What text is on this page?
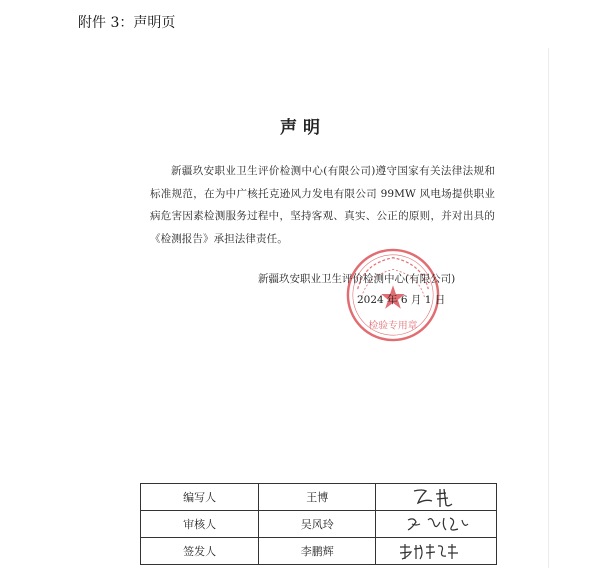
附件 3：声明页
声 明

新疆玖安职业卫生评价检测中心(有限公司)遵守国家有关法律法规和标准规范，在为中广核托克逊风力发电有限公司 99MW 风电场提供职业病危害因素检测服务过程中，坚持客观、真实、公正的原则，并对出具的《检测报告》承担法律责任。

检验专用章
新疆玖安职业卫生评价检测中心(有限公司)
2024 年 6 月 1 日
编写人	王博	

审核人	吴风玲	

签发人	李鹏辉	
